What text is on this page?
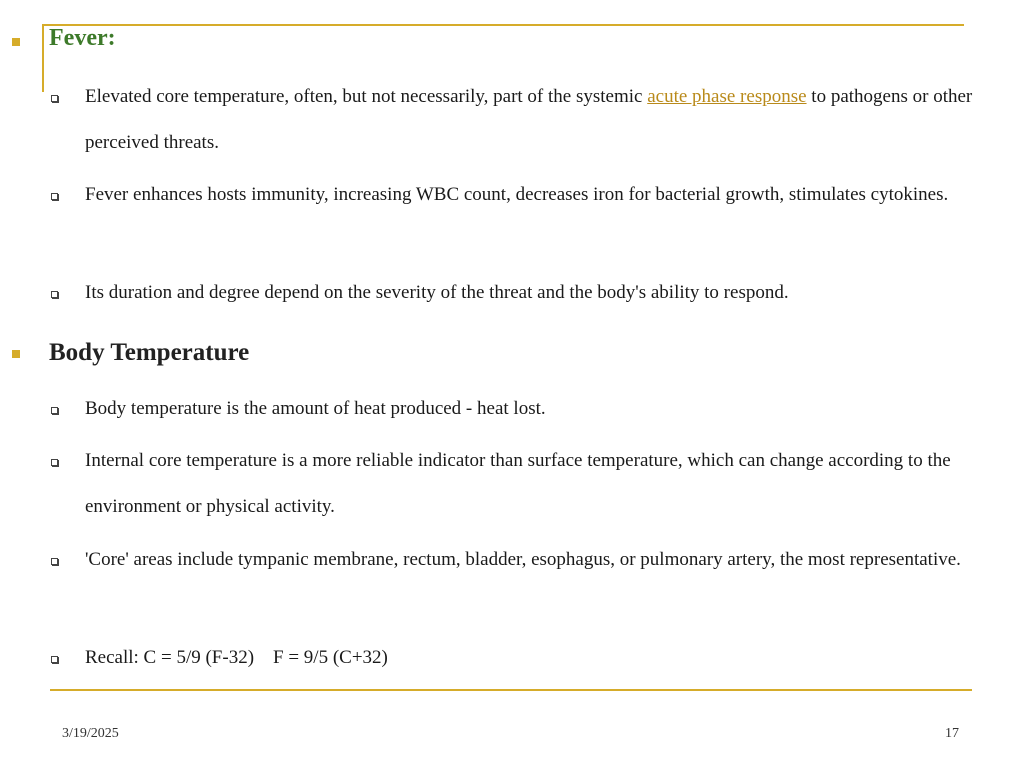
Fever:
Elevated core temperature, often, but not necessarily, part of the systemic acute phase response to pathogens or other perceived threats.
Fever enhances hosts immunity, increasing WBC count, decreases iron for bacterial growth, stimulates cytokines.
Its duration and degree depend on the severity of the threat and the body's ability to respond.
Body Temperature
Body temperature is the amount of heat produced - heat lost.
Internal core temperature is a more reliable indicator than surface temperature, which can change according to the environment or physical activity.
'Core' areas include tympanic membrane, rectum, bladder, esophagus, or pulmonary artery, the most representative.
Recall: C = 5/9 (F-32)    F = 9/5 (C+32)
3/19/2025	17
